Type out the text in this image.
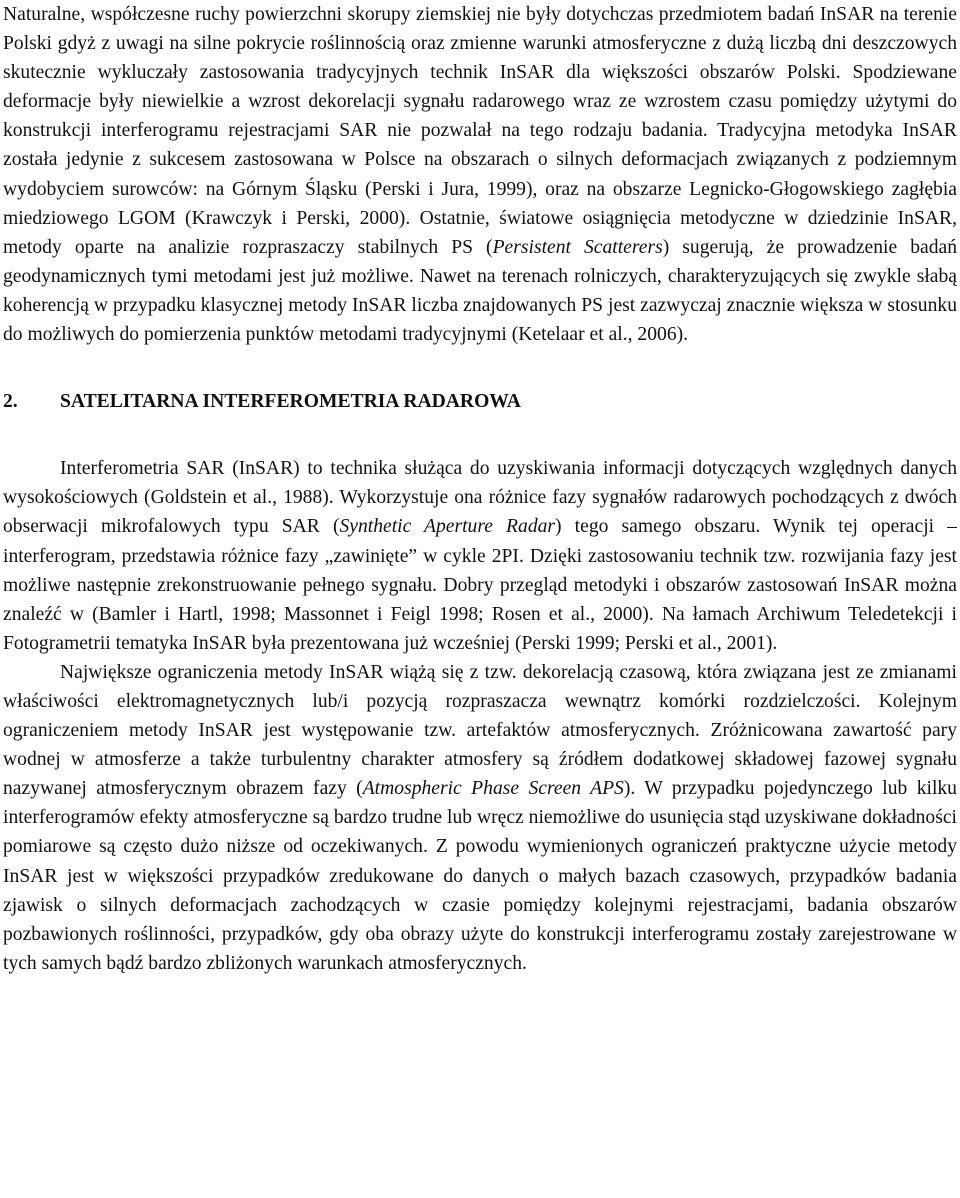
Naturalne, współczesne ruchy powierzchni skorupy ziemskiej nie były dotychczas przedmiotem badań InSAR na terenie Polski gdyż z uwagi na silne pokrycie roślinnością oraz zmienne warunki atmosferyczne z dużą liczbą dni deszczowych skutecznie wykluczały zastosowania tradycyjnych technik InSAR dla większości obszarów Polski. Spodziewane deformacje były niewielkie a wzrost dekorelacji sygnału radarowego wraz ze wzrostem czasu pomiędzy użytymi do konstrukcji interferogramu rejestracjami SAR nie pozwalał na tego rodzaju badania. Tradycyjna metodyka InSAR została jedynie z sukcesem zastosowana w Polsce na obszarach o silnych deformacjach związanych z podziemnym wydobyciem surowców: na Górnym Śląsku (Perski i Jura, 1999), oraz na obszarze Legnicko-Głogowskiego zagłębia miedziowego LGOM (Krawczyk i Perski, 2000). Ostatnie, światowe osiągnięcia metodyczne w dziedzinie InSAR, metody oparte na analizie rozpraszaczy stabilnych PS (Persistent Scatterers) sugerują, że prowadzenie badań geodynamicznych tymi metodami jest już możliwe. Nawet na terenach rolniczych, charakteryzujących się zwykle słabą koherencją w przypadku klasycznej metody InSAR liczba znajdowanych PS jest zazwyczaj znacznie większa w stosunku do możliwych do pomierzenia punktów metodami tradycyjnymi (Ketelaar et al., 2006).

2.	SATELITARNA INTERFEROMETRIA RADAROWA

Interferometria SAR (InSAR) to technika służąca do uzyskiwania informacji dotyczących względnych danych wysokościowych (Goldstein et al., 1988). Wykorzystuje ona różnice fazy sygnałów radarowych pochodzących z dwóch obserwacji mikrofalowych typu SAR (Synthetic Aperture Radar) tego samego obszaru. Wynik tej operacji – interferogram, przedstawia różnice fazy „zawinięte” w cykle 2PI. Dzięki zastosowaniu technik tzw. rozwijania fazy jest możliwe następnie zrekonstruowanie pełnego sygnału. Dobry przegląd metodyki i obszarów zastosowań InSAR można znaleźć w (Bamler i Hartl, 1998; Massonnet i Feigl 1998; Rosen et al., 2000). Na łamach Archiwum Teledetekcji i Fotogrametrii tematyka InSAR była prezentowana już wcześniej (Perski 1999; Perski et al., 2001).

Największe ograniczenia metody InSAR wiążą się z tzw. dekorelacją czasową, która związana jest ze zmianami właściwości elektromagnetycznych lub/i pozycją rozpraszacza wewnątrz komórki rozdzielczości. Kolejnym ograniczeniem metody InSAR jest występowanie tzw. artefaktów atmosferycznych. Zróżnicowana zawartość pary wodnej w atmosferze a także turbulentny charakter atmosfery są źródłem dodatkowej składowej fazowej sygnału nazywanej atmosferycznym obrazem fazy (Atmospheric Phase Screen APS). W przypadku pojedynczego lub kilku interferogramów efekty atmosferyczne są bardzo trudne lub wręcz niemożliwe do usunięcia stąd uzyskiwane dokładności pomiarowe są często dużo niższe od oczekiwanych. Z powodu wymienionych ograniczeń praktyczne użycie metody InSAR jest w większości przypadków zredukowane do danych o małych bazach czasowych, przypadków badania zjawisk o silnych deformacjach zachodzących w czasie pomiędzy kolejnymi rejestracjami, badania obszarów pozbawionych roślinności, przypadków, gdy oba obrazy użyte do konstrukcji interferogramu zostały zarejestrowane w tych samych bądź bardzo zbliżonych warunkach atmosferycznych.
